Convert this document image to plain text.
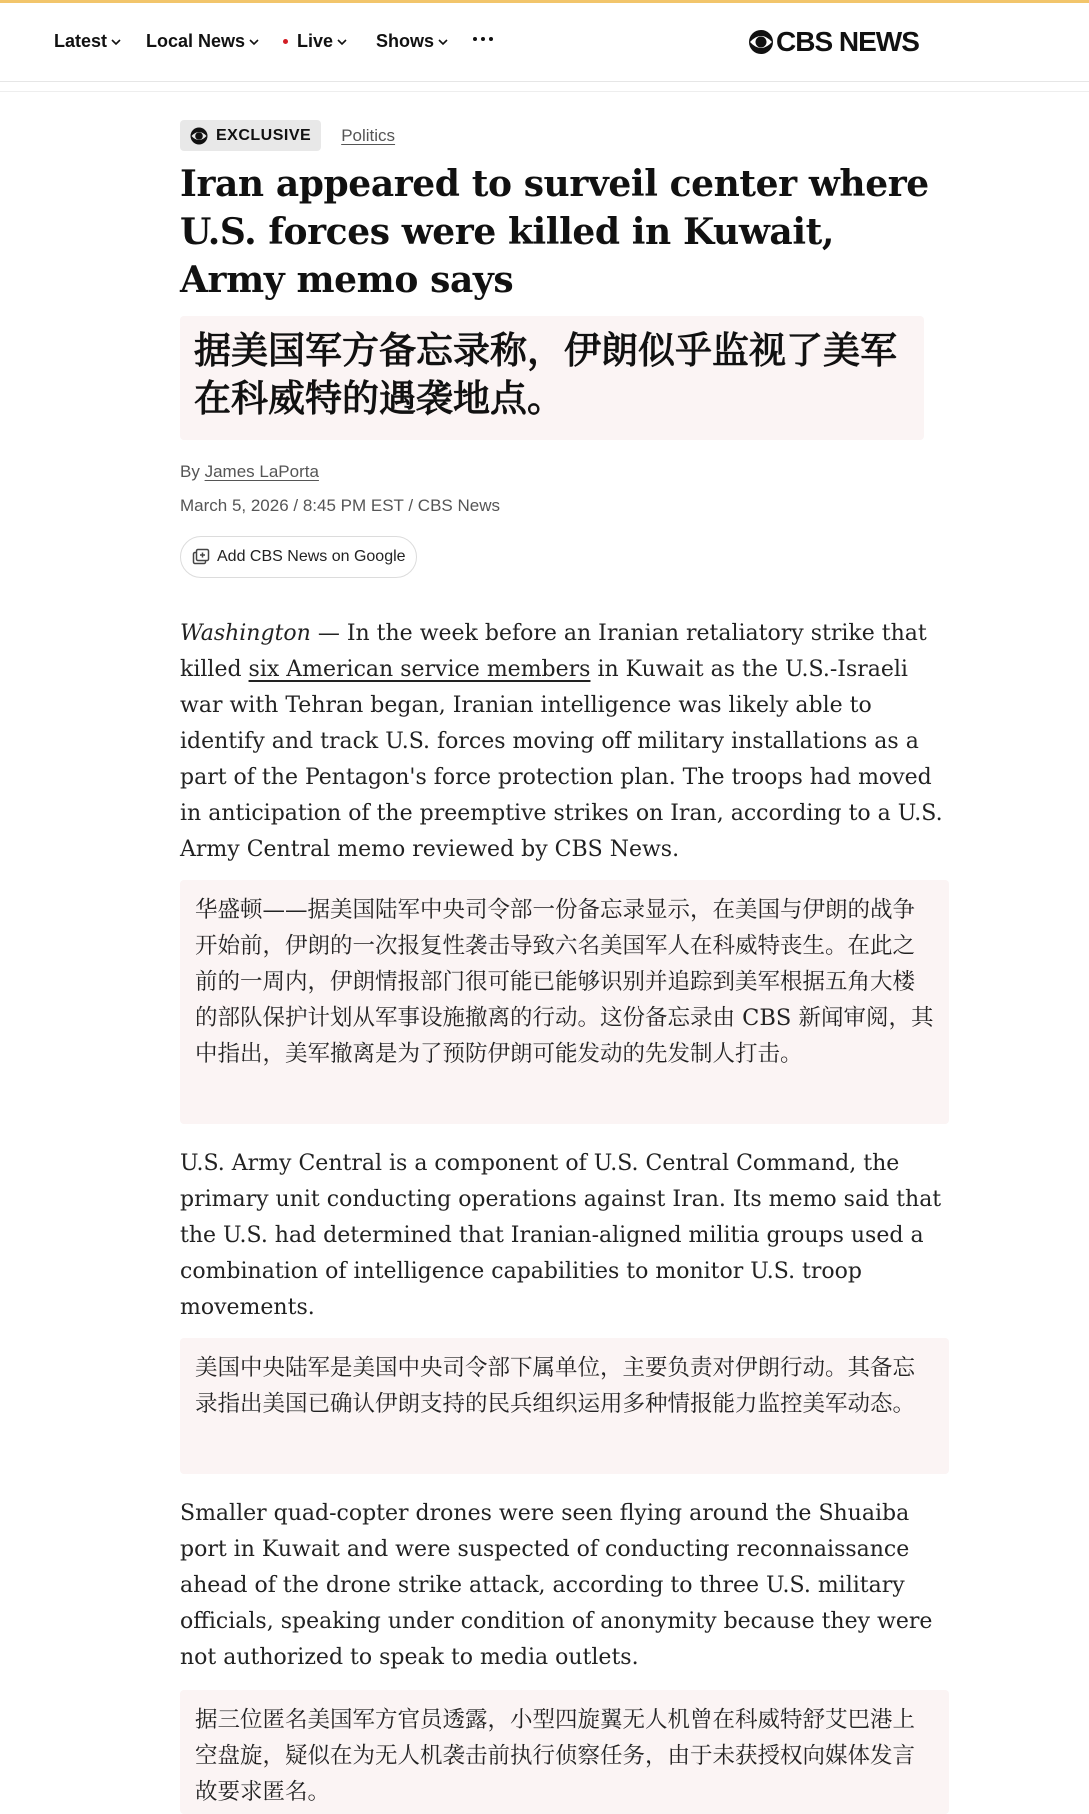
Latest Local News	Live Shows	CBS NEWS
EXCLUSIVE Politics
Iran appeared to surveil center where U.S. forces were killed in Kuwait, Army memo says

据美国军方备忘录称，伊朗似乎监视了美军在科威特的遇袭地点。

By James LaPorta
March 5, 2026 / 8:45 PM EST / CBS News
Add CBS News on Google

Washington — In the week before an Iranian retaliatory strike that killed six American service members in Kuwait as the U.S.-Israeli war with Tehran began, Iranian intelligence was likely able to identify and track U.S. forces moving off military installations as a part of the Pentagon's force protection plan. The troops had moved in anticipation of the preemptive strikes on Iran, according to a U.S. Army Central memo reviewed by CBS News.

华盛顿——据美国陆军中央司令部一份备忘录显示，在美国与伊朗的战争开始前，伊朗的一次报复性袭击导致六名美国军人在科威特丧生。在此之前的一周内，伊朗情报部门很可能已能够识别并追踪到美军根据五角大楼的部队保护计划从军事设施撤离的行动。这份备忘录由 CBS 新闻审阅，其中指出，美军撤离是为了预防伊朗可能发动的先发制人打击。

U.S. Army Central is a component of U.S. Central Command, the primary unit conducting operations against Iran. Its memo said that the U.S. had determined that Iranian-aligned militia groups used a combination of intelligence capabilities to monitor U.S. troop movements.

美国中央陆军是美国中央司令部下属单位，主要负责对伊朗行动。其备忘录指出美国已确认伊朗支持的民兵组织运用多种情报能力监控美军动态。

Smaller quad-copter drones were seen flying around the Shuaiba port in Kuwait and were suspected of conducting reconnaissance ahead of the drone strike attack, according to three U.S. military officials, speaking under condition of anonymity because they were not authorized to speak to media outlets.

据三位匿名美国军方官员透露，小型四旋翼无人机曾在科威特舒艾巴港上空盘旋，疑似在为无人机袭击前执行侦察任务，由于未获授权向媒体发言故要求匿名。
